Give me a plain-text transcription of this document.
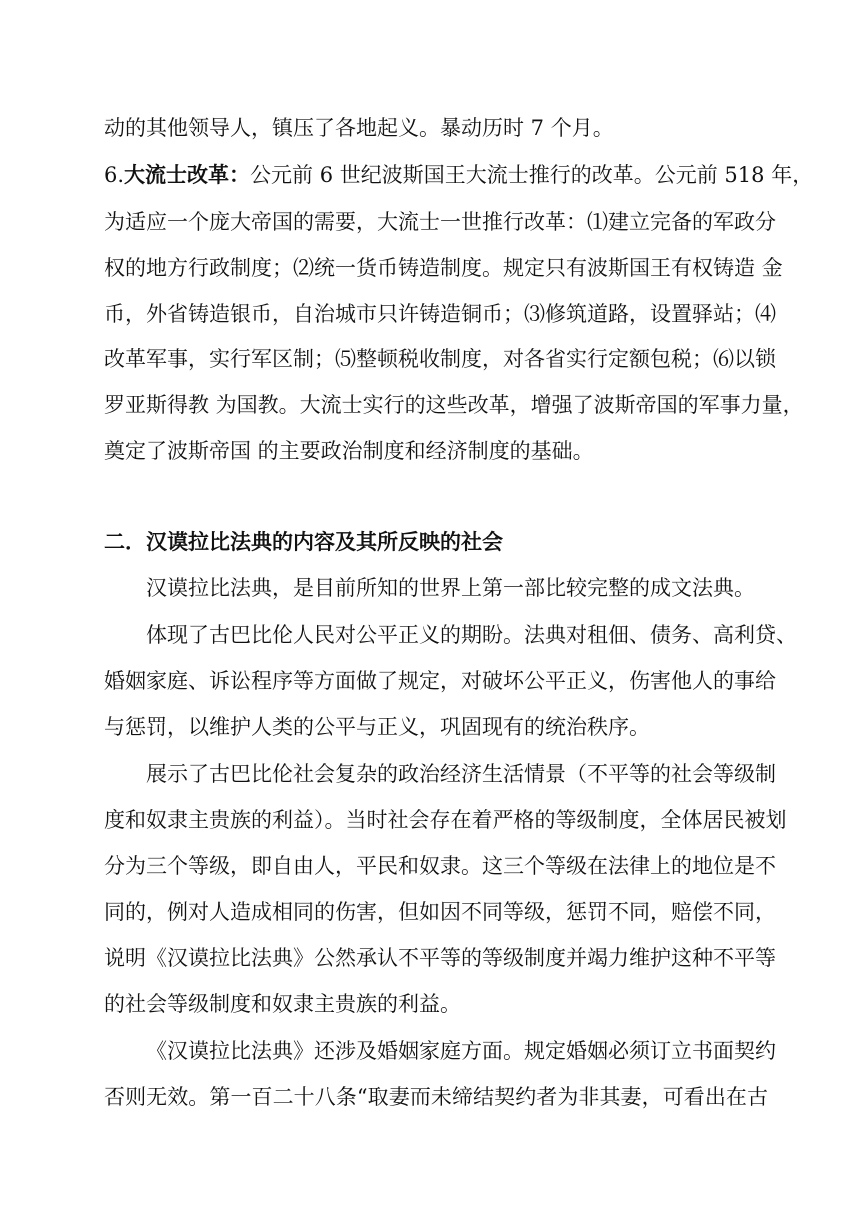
动的其他领导人，镇压了各地起义。暴动历时 7 个月。
6.大流士改革：公元前 6 世纪波斯国王大流士推行的改革。公元前 518 年，
为适应一个庞大帝国的需要，大流士一世推行改革：⑴建立完备的军政分
权的地方行政制度；⑵统一货币铸造制度。规定只有波斯国王有权铸造 金
币，外省铸造银币，自治城市只许铸造铜币；⑶修筑道路，设置驿站；⑷
改革军事，实行军区制；⑸整顿税收制度，对各省实行定额包税；⑹以锁
罗亚斯得教 为国教。大流士实行的这些改革，增强了波斯帝国的军事力量，
奠定了波斯帝国 的主要政治制度和经济制度的基础。
二．汉谟拉比法典的内容及其所反映的社会
汉谟拉比法典，是目前所知的世界上第一部比较完整的成文法典。
体现了古巴比伦人民对公平正义的期盼。法典对租佃、债务、高利贷、
婚姻家庭、诉讼程序等方面做了规定，对破坏公平正义，伤害他人的事给
与惩罚，以维护人类的公平与正义，巩固现有的统治秩序。
展示了古巴比伦社会复杂的政治经济生活情景（不平等的社会等级制
度和奴隶主贵族的利益）。当时社会存在着严格的等级制度，全体居民被划
分为三个等级，即自由人，平民和奴隶。这三个等级在法律上的地位是不
同的，例对人造成相同的伤害，但如因不同等级，惩罚不同，赔偿不同，
说明《汉谟拉比法典》公然承认不平等的等级制度并竭力维护这种不平等
的社会等级制度和奴隶主贵族的利益。
《汉谟拉比法典》还涉及婚姻家庭方面。规定婚姻必须订立书面契约
否则无效。第一百二十八条“取妻而未缔结契约者为非其妻，可看出在古
